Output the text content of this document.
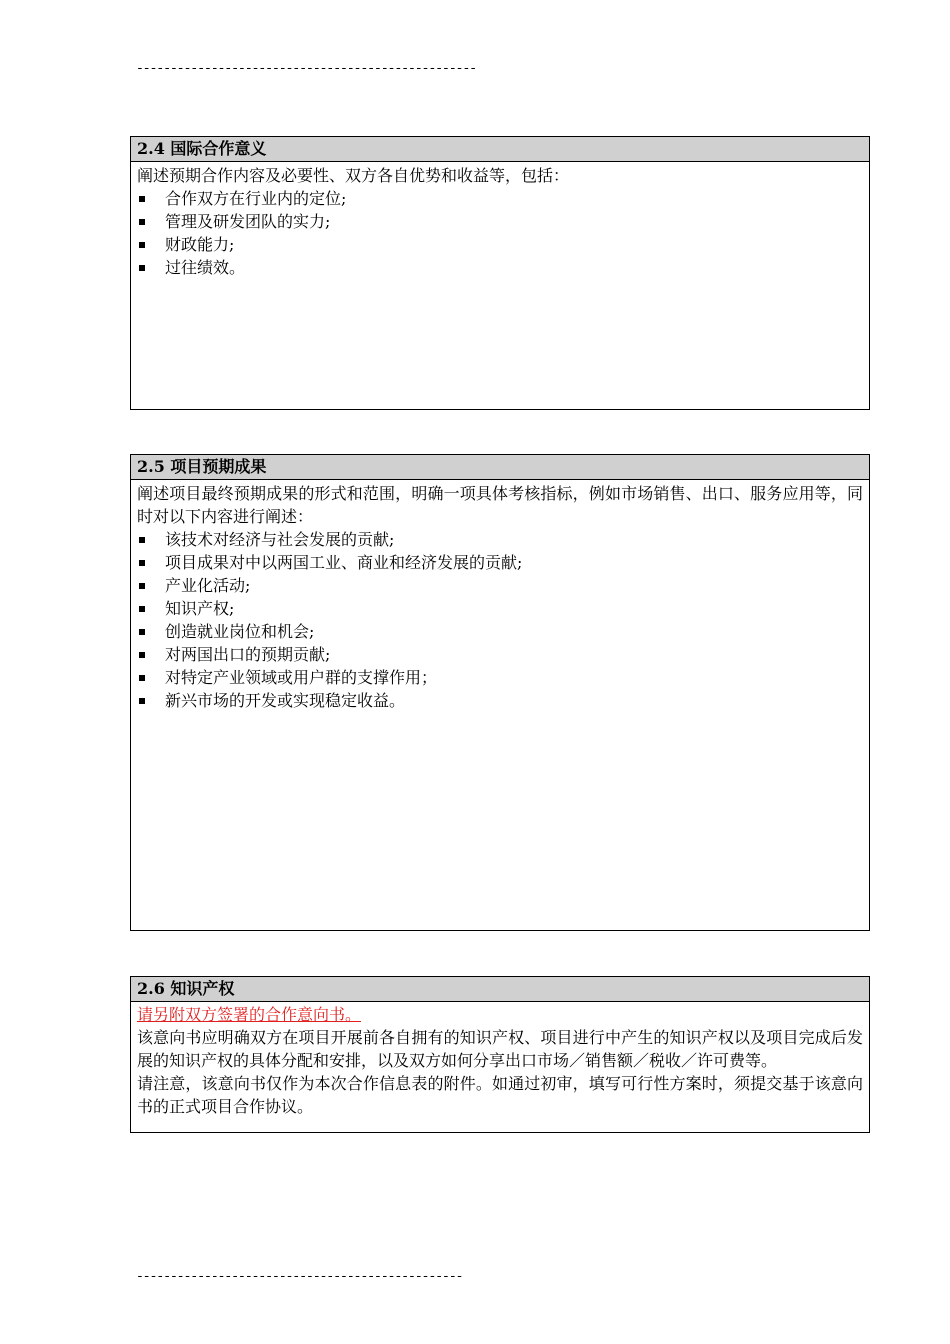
--------------------------------------------------
2.4 国际合作意义

阐述预期合作内容及必要性、双方各自优势和收益等，包括：

合作双方在行业内的定位;
管理及研发团队的实力;
财政能力;
过往绩效。
2.5 项目预期成果

阐述项目最终预期成果的形式和范围，明确一项具体考核指标，例如市场销售、出口、服务应用等，同时对以下内容进行阐述：

该技术对经济与社会发展的贡献;
项目成果对中以两国工业、商业和经济发展的贡献;
产业化活动;
知识产权;
创造就业岗位和机会;
对两国出口的预期贡献;
对特定产业领域或用户群的支撑作用；
新兴市场的开发或实现稳定收益。
2.6 知识产权

请另附双方签署的合作意向书。

该意向书应明确双方在项目开展前各自拥有的知识产权、项目进行中产生的知识产权以及项目完成后发展的知识产权的具体分配和安排，以及双方如何分享出口市场／销售额／税收／许可费等。

请注意，该意向书仅作为本次合作信息表的附件。如通过初审，填写可行性方案时，须提交基于该意向书的正式项目合作协议。

------------------------------------------------
